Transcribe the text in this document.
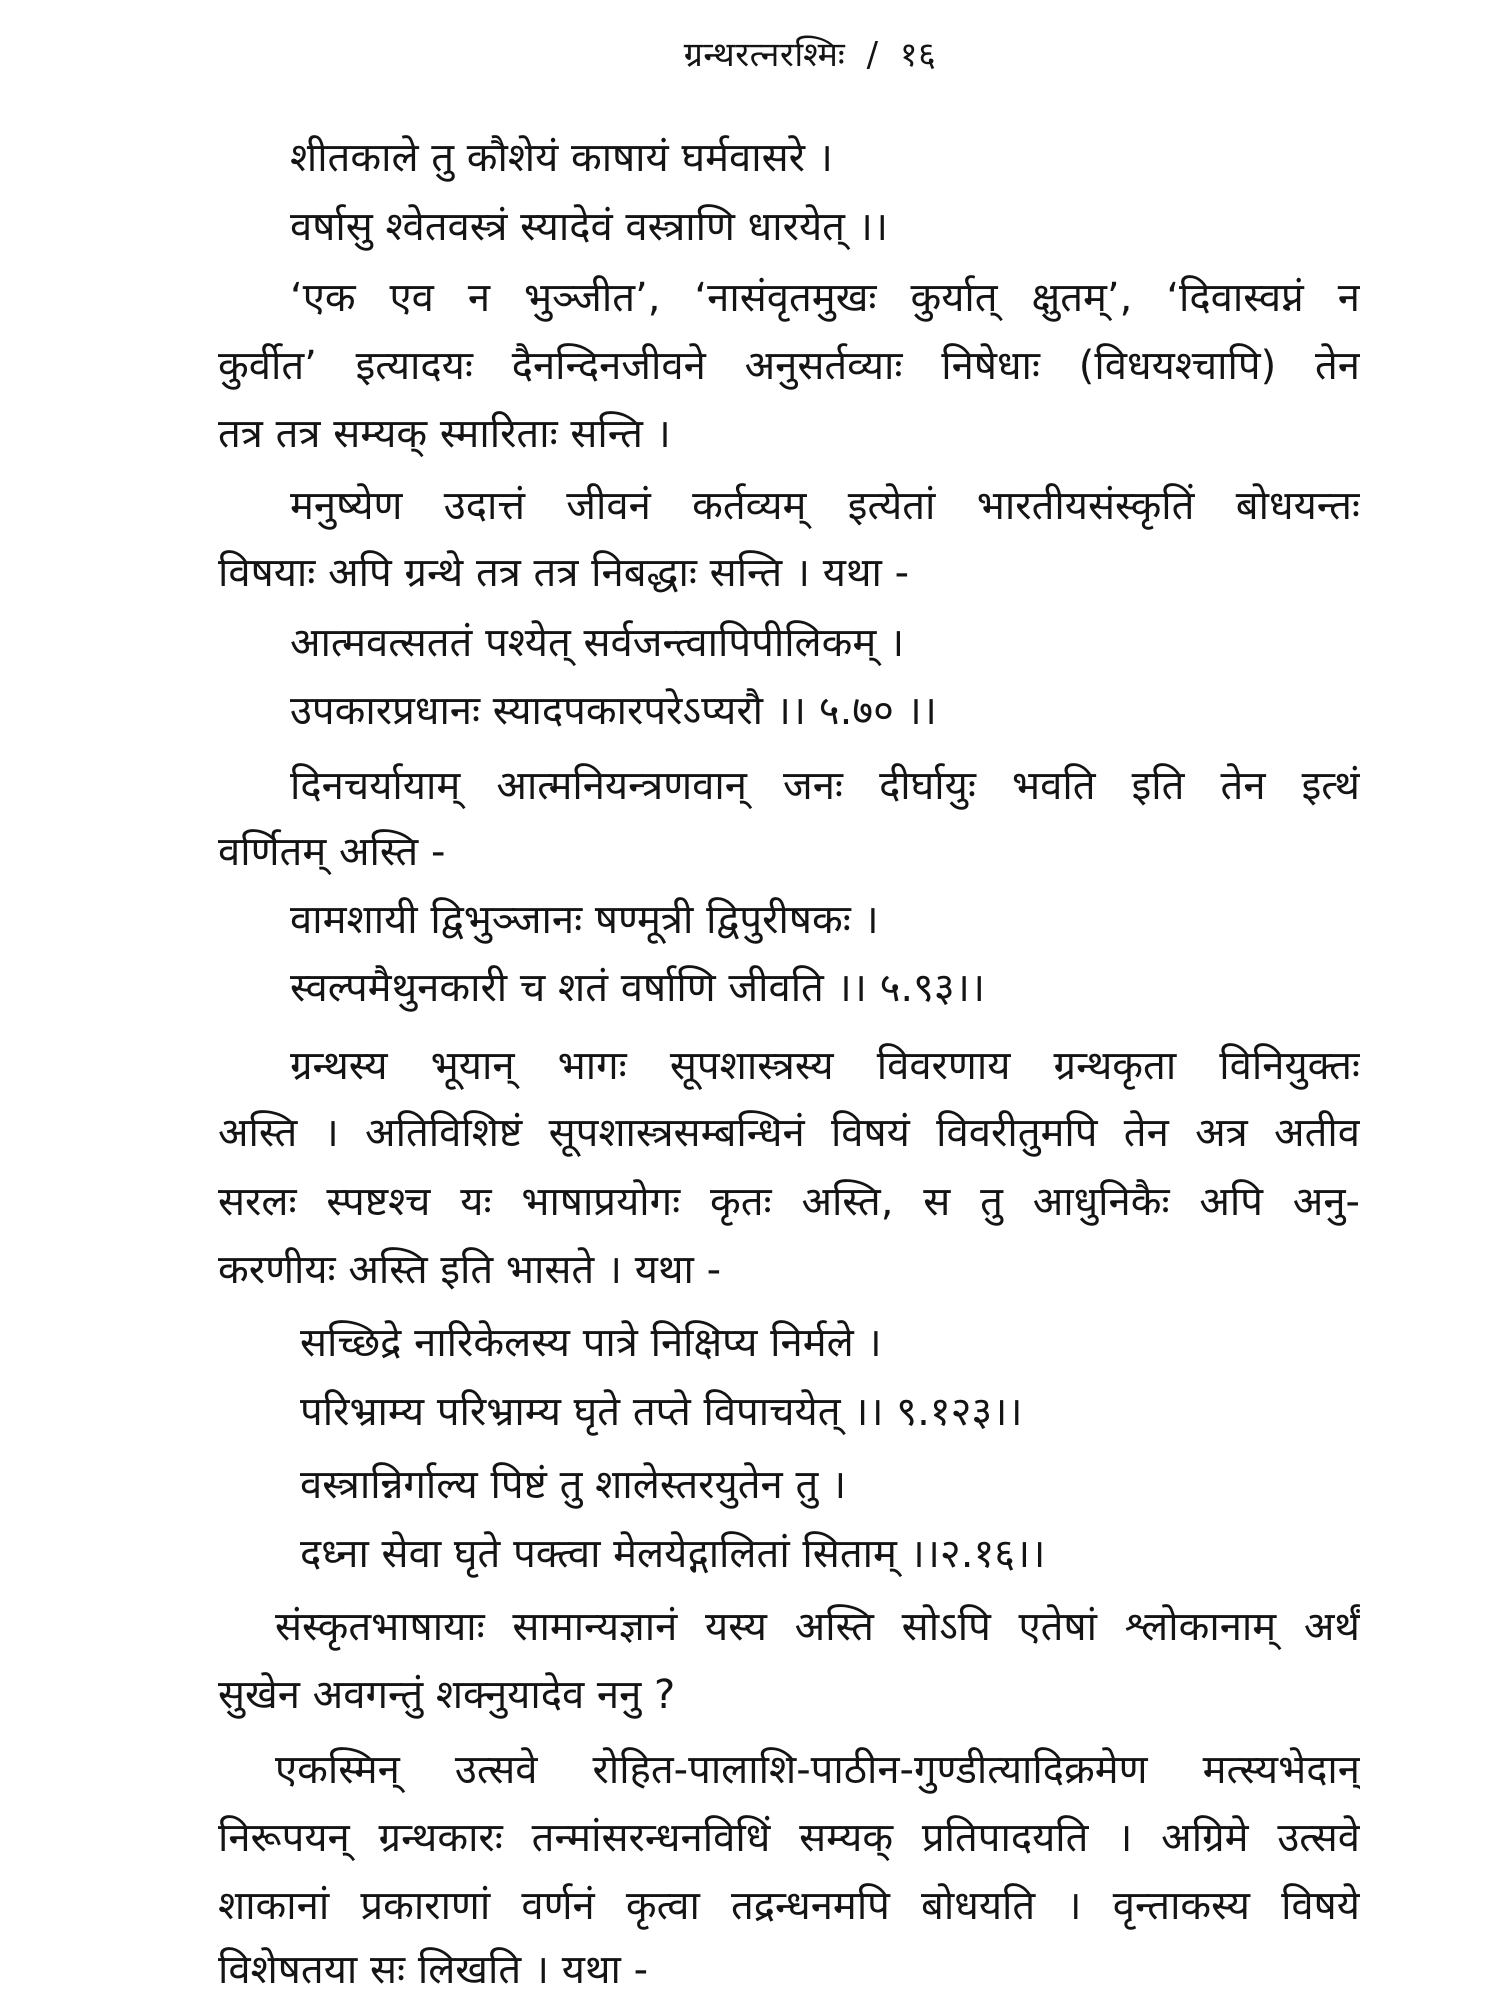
ग्रन्थरत्नरश्मिः / १६
शीतकाले तु कौशेयं काषायं घर्मवासरे ।
वर्षासु श्वेतवस्त्रं स्यादेवं वस्त्राणि धारयेत् ।।
‘एक एव न भुञ्जीत’, ‘नासंवृतमुखः कुर्यात् क्षुतम्’, ‘दिवास्वप्नं न
कुर्वीत’ इत्यादयः दैनन्दिनजीवने अनुसर्तव्याः निषेधाः (विधयश्चापि) तेन
तत्र तत्र सम्यक् स्मारिताः सन्ति ।
मनुष्येण उदात्तं जीवनं कर्तव्यम् इत्येतां भारतीयसंस्कृतिं बोधयन्तः
विषयाः अपि ग्रन्थे तत्र तत्र निबद्धाः सन्ति । यथा -
आत्मवत्सततं पश्येत् सर्वजन्त्वापिपीलिकम् ।
उपकारप्रधानः स्यादपकारपरेऽप्यरौ ।। ५.७० ।।
दिनचर्यायाम् आत्मनियन्त्रणवान् जनः दीर्घायुः भवति इति तेन इत्थं
वर्णितम् अस्ति -
वामशायी द्विभुञ्जानः षण्मूत्री द्विपुरीषकः ।
स्वल्पमैथुनकारी च शतं वर्षाणि जीवति ।। ५.९३।।
ग्रन्थस्य भूयान् भागः सूपशास्त्रस्य विवरणाय ग्रन्थकृता विनियुक्तः
अस्ति । अतिविशिष्टं सूपशास्त्रसम्बन्धिनं विषयं विवरीतुमपि तेन अत्र अतीव
सरलः स्पष्टश्च यः भाषाप्रयोगः कृतः अस्ति, स तु आधुनिकैः अपि अनु-
करणीयः अस्ति इति भासते । यथा -
सच्छिद्रे नारिकेलस्य पात्रे निक्षिप्य निर्मले ।
परिभ्राम्य परिभ्राम्य घृते तप्ते विपाचयेत् ।। ९.१२३।।
वस्त्रान्निर्गाल्य पिष्टं तु शालेस्तरयुतेन तु ।
दध्ना सेवा घृते पक्त्वा मेलयेद्गालितां सिताम् ।।२.१६।।
संस्कृतभाषायाः सामान्यज्ञानं यस्य अस्ति सोऽपि एतेषां श्लोकानाम् अर्थं
सुखेन अवगन्तुं शक्नुयादेव ननु ?
एकस्मिन् उत्सवे रोहित-पालाशि-पाठीन-गुण्डीत्यादिक्रमेण मत्स्यभेदान्
निरूपयन् ग्रन्थकारः तन्मांसरन्धनविधिं सम्यक् प्रतिपादयति । अग्रिमे उत्सवे
शाकानां प्रकाराणां वर्णनं कृत्वा तद्रन्धनमपि बोधयति । वृन्ताकस्य विषये
विशेषतया सः लिखति । यथा -
